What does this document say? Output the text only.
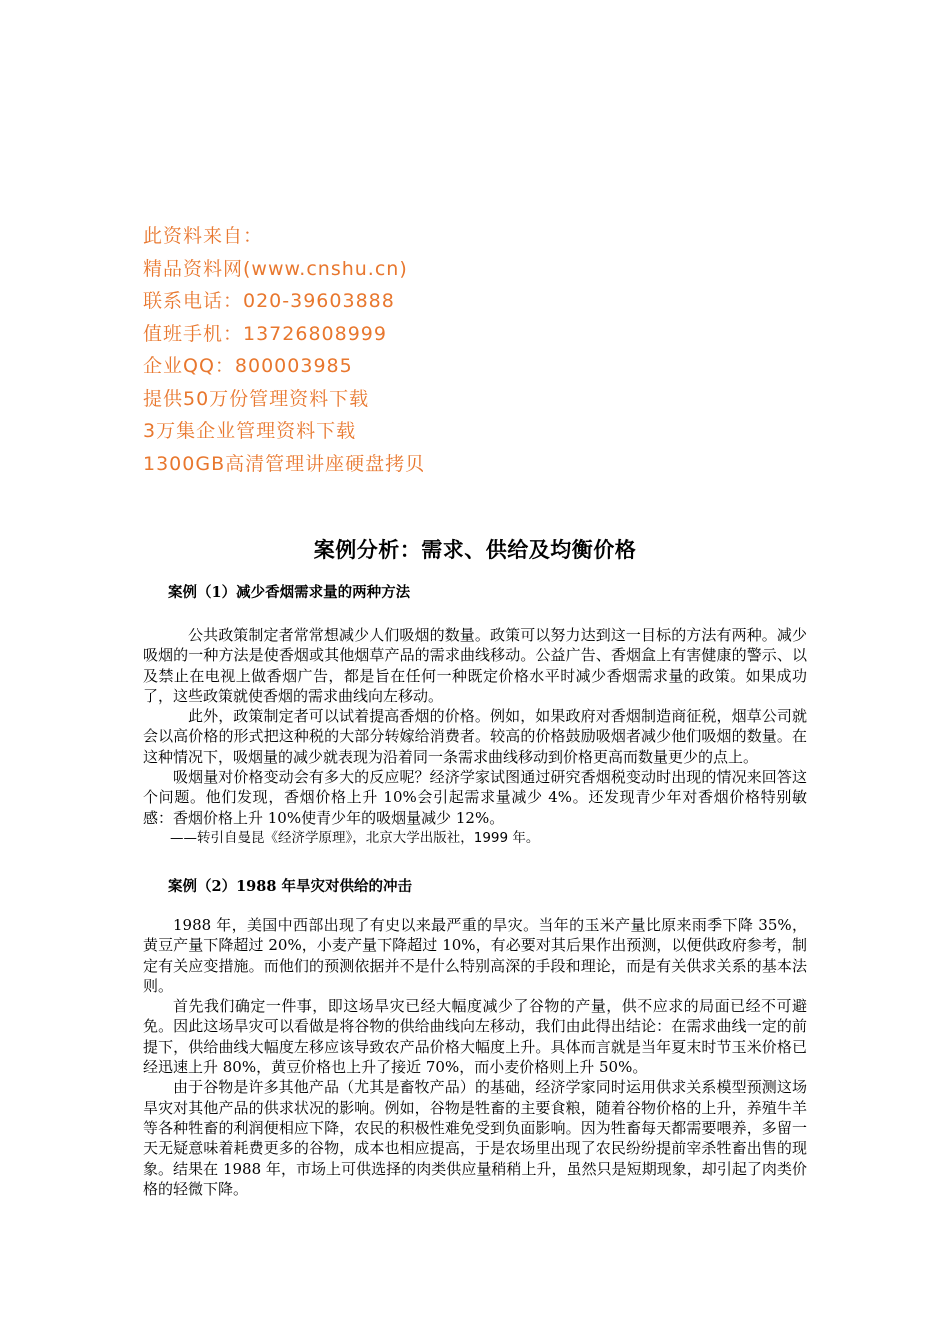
此资料来自：
精品资料网(www.cnshu.cn)
联系电话：020-39603888
值班手机：13726808999
企业QQ：800003985
提供50万份管理资料下载
3万集企业管理资料下载
1300GB高清管理讲座硬盘拷贝
案例分析：需求、供给及均衡价格
案例（1）减少香烟需求量的两种方法

公共政策制定者常常想减少人们吸烟的数量。政策可以努力达到这一目标的方法有两种。减少吸烟的一种方法是使香烟或其他烟草产品的需求曲线移动。公益广告、香烟盒上有害健康的警示、以及禁止在电视上做香烟广告，都是旨在任何一种既定价格水平时减少香烟需求量的政策。如果成功了，这些政策就使香烟的需求曲线向左移动。

此外，政策制定者可以试着提高香烟的价格。例如，如果政府对香烟制造商征税，烟草公司就会以高价格的形式把这种税的大部分转嫁给消费者。较高的价格鼓励吸烟者减少他们吸烟的数量。在这种情况下，吸烟量的减少就表现为沿着同一条需求曲线移动到价格更高而数量更少的点上。

吸烟量对价格变动会有多大的反应呢？经济学家试图通过研究香烟税变动时出现的情况来回答这个问题。他们发现，香烟价格上升 10%会引起需求量减少 4%。还发现青少年对香烟价格特别敏感：香烟价格上升 10%使青少年的吸烟量减少 12%。

——转引自曼昆《经济学原理》，北京大学出版社，1999 年。

案例（2）1988 年旱灾对供给的冲击

1988 年，美国中西部出现了有史以来最严重的旱灾。当年的玉米产量比原来雨季下降 35%，黄豆产量下降超过 20%，小麦产量下降超过 10%，有必要对其后果作出预测，以便供政府参考，制定有关应变措施。而他们的预测依据并不是什么特别高深的手段和理论，而是有关供求关系的基本法则。

首先我们确定一件事，即这场旱灾已经大幅度减少了谷物的产量，供不应求的局面已经不可避免。因此这场旱灾可以看做是将谷物的供给曲线向左移动，我们由此得出结论：在需求曲线一定的前提下，供给曲线大幅度左移应该导致农产品价格大幅度上升。具体而言就是当年夏末时节玉米价格已经迅速上升 80%，黄豆价格也上升了接近 70%，而小麦价格则上升 50%。

由于谷物是许多其他产品（尤其是畜牧产品）的基础，经济学家同时运用供求关系模型预测这场旱灾对其他产品的供求状况的影响。例如，谷物是牲畜的主要食粮，随着谷物价格的上升，养殖牛羊等各种牲畜的利润便相应下降，农民的积极性难免受到负面影响。因为牲畜每天都需要喂养，多留一天无疑意味着耗费更多的谷物，成本也相应提高，于是农场里出现了农民纷纷提前宰杀牲畜出售的现象。结果在 1988 年，市场上可供选择的肉类供应量稍稍上升，虽然只是短期现象，却引起了肉类价格的轻微下降。
